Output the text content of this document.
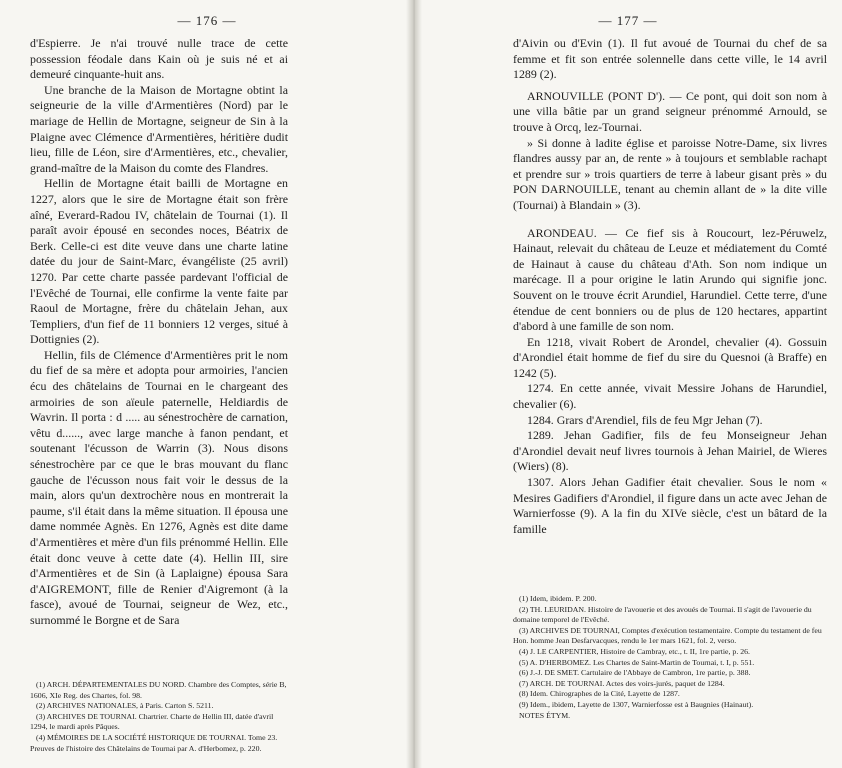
— 176 —

d'Espierre. Je n'ai trouvé nulle trace de cette possession féodale dans Kain où je suis né et ai demeuré cinquante-huit ans.

Une branche de la Maison de Mortagne obtint la seigneurie de la ville d'Armentières (Nord) par le mariage de Hellin de Mortagne, seigneur de Sin à la Plaigne avec Clémence d'Armentières, héritière dudit lieu, fille de Léon, sire d'Armentières, etc., chevalier, grand-maître de la Maison du comte des Flandres.

Hellin de Mortagne était bailli de Mortagne en 1227, alors que le sire de Mortagne était son frère aîné, Everard-Radou IV, châtelain de Tournai (1). Il paraît avoir épousé en secondes noces, Béatrix de Berk. Celle-ci est dite veuve dans une charte latine datée du jour de Saint-Marc, évangéliste (25 avril) 1270. Par cette charte passée pardevant l'official de l'Evêché de Tournai, elle confirme la vente faite par Raoul de Mortagne, frère du châtelain Jehan, aux Templiers, d'un fief de 11 bonniers 12 verges, situé à Dottignies (2).

Hellin, fils de Clémence d'Armentières prit le nom du fief de sa mère et adopta pour armoiries, l'ancien écu des châtelains de Tournai en le chargeant des armoiries de son aïeule paternelle, Heldiardis de Wavrin. Il porta : d ..... au sénestrochère de carnation, vêtu d......, avec large manche à fanon pendant, et soutenant l'écusson de Warrin (3). Nous disons sénestrochère par ce que le bras mouvant du flanc gauche de l'écusson nous fait voir le dessus de la main, alors qu'un dextrochère nous en montrerait la paume, s'il était dans la même situation. Il épousa une dame nommée Agnès. En 1276, Agnès est dite dame d'Armentières et mère d'un fils prénommé Hellin. Elle était donc veuve à cette date (4). Hellin III, sire d'Armentières et de Sin (à Laplaigne) épousa Sara d'AIGREMONT, fille de Renier d'Aigremont (à la fasce), avoué de Tournai, seigneur de Wez, etc., surnommé le Borgne et de Sara

(1) ARCH. DÉPARTEMENTALES DU NORD. Chambre des Comptes, série B, 1606, XIe Reg. des Chartes, fol. 98.

(2) ARCHIVES NATIONALES, à Paris. Carton S. 5211.

(3) ARCHIVES DE TOURNAI. Chartrier. Charte de Hellin III, datée d'avril 1294, le mardi après Pâques.

(4) MÉMOIRES DE LA SOCIÉTÉ HISTORIQUE DE TOURNAI. Tome 23. Preuves de l'histoire des Châtelains de Tournai par A. d'Herbomez, p. 220.

— 177 —

d'Aivin ou d'Evin (1). Il fut avoué de Tournai du chef de sa femme et fit son entrée solennelle dans cette ville, le 14 avril 1289 (2).

ARNOUVILLE (PONT D'). — Ce pont, qui doit son nom à une villa bâtie par un grand seigneur prénommé Arnould, se trouve à Orcq, lez-Tournai.

» Si donne à ladite église et paroisse Notre-Dame, six livres flandres aussy par an, de rente » à toujours et semblable rachapt et prendre sur » trois quartiers de terre à labeur gisant près » du PON DARNOUILLE, tenant au chemin allant de » la dite ville (Tournai) à Blandain » (3).

ARONDEAU. — Ce fief sis à Roucourt, lez-Péruwelz, Hainaut, relevait du château de Leuze et médiatement du Comté de Hainaut à cause du château d'Ath. Son nom indique un marécage. Il a pour origine le latin Arundo qui signifie jonc. Souvent on le trouve écrit Arundiel, Harundiel. Cette terre, d'une étendue de cent bonniers ou de plus de 120 hectares, appartint d'abord à une famille de son nom.

En 1218, vivait Robert de Arondel, chevalier (4). Gossuin d'Arondiel était homme de fief du sire du Quesnoi (à Braffe) en 1242 (5).

1274. En cette année, vivait Messire Johans de Harundiel, chevalier (6).

1284. Grars d'Arendiel, fils de feu Mgr Jehan (7).

1289. Jehan Gadifier, fils de feu Monseigneur Jehan d'Arondiel devait neuf livres tournois à Jehan Mairiel, de Wieres (Wiers) (8).

1307. Alors Jehan Gadifier était chevalier. Sous le nom « Mesires Gadifiers d'Arondiel, il figure dans un acte avec Jehan de Warnierfosse (9). A la fin du XIVe siècle, c'est un bâtard de la famille

(1) Idem, ibidem. P. 200.

(2) TH. LEURIDAN. Histoire de l'avouerie et des avoués de Tournai. Il s'agit de l'avouerie du domaine temporel de l'Evêché.

(3) ARCHIVES DE TOURNAI, Comptes d'exécution testamentaire. Compte du testament de feu Hon. homme Jean Desfarvacques, rendu le 1er mars 1621, fol. 2, verso.

(4) J. LE CARPENTIER, Histoire de Cambray, etc., t. II, 1re partie, p. 26.

(5) A. D'HERBOMEZ. Les Chartes de Saint-Martin de Tournai, t. I, p. 551.

(6) J.-J. DE SMET. Cartulaire de l'Abbaye de Cambron, 1re partie, p. 388.

(7) ARCH. DE TOURNAI. Actes des voirs-jurés, paquet de 1284.

(8) Idem. Chirographes de la Cité, Layette de 1287.

(9) Idem., ibidem, Layette de 1307, Warnierfosse est à Baugnies (Hainaut).

NOTES ÉTYM.
